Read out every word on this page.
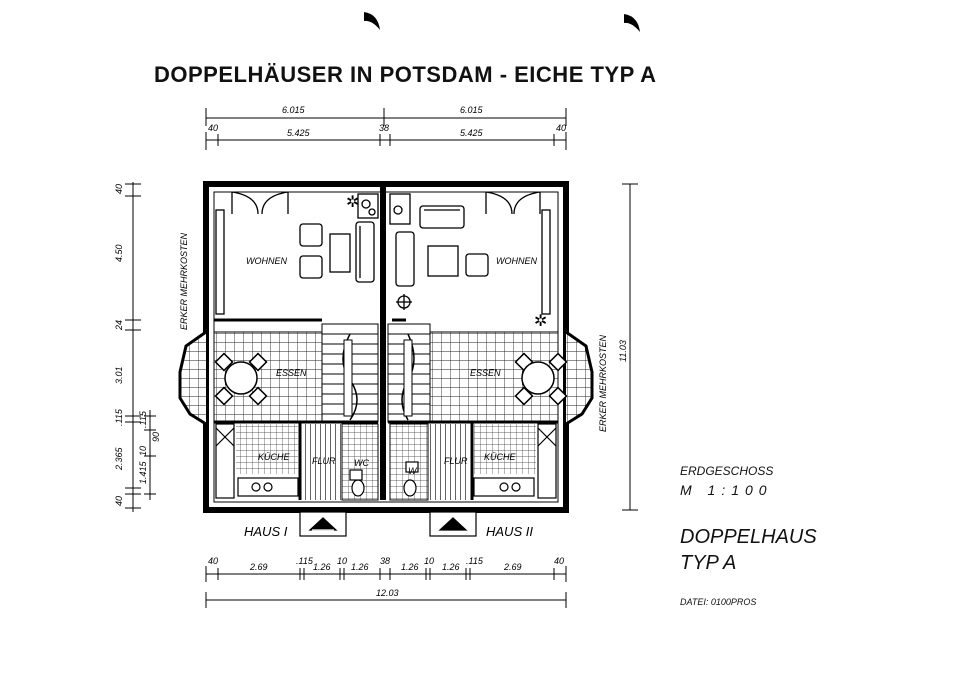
DOPPELHÄUSER IN POTSDAM - EICHE TYP A
6.015	6.015
40	5.425	38	5.425	40
40
4.50
24
3.01
.115
2.365
.115
10
90
1.415
40
11.03
✲
✲
WOHNEN	WOHNEN
ESSEN	ESSEN
KÜCHE	KÜCHE
FLUR	FLUR
WC
W
ERKER MEHRKOSTEN
ERKER MEHRKOSTEN
HAUS I	HAUS II
40
2.69
.115
1.26
10
1.26
38
1.26
10
1.26
.115
2.69
40
12.03
ERDGESCHOSS
M 1:100
DOPPELHAUS
TYP A
DATEI: 0100PROS
